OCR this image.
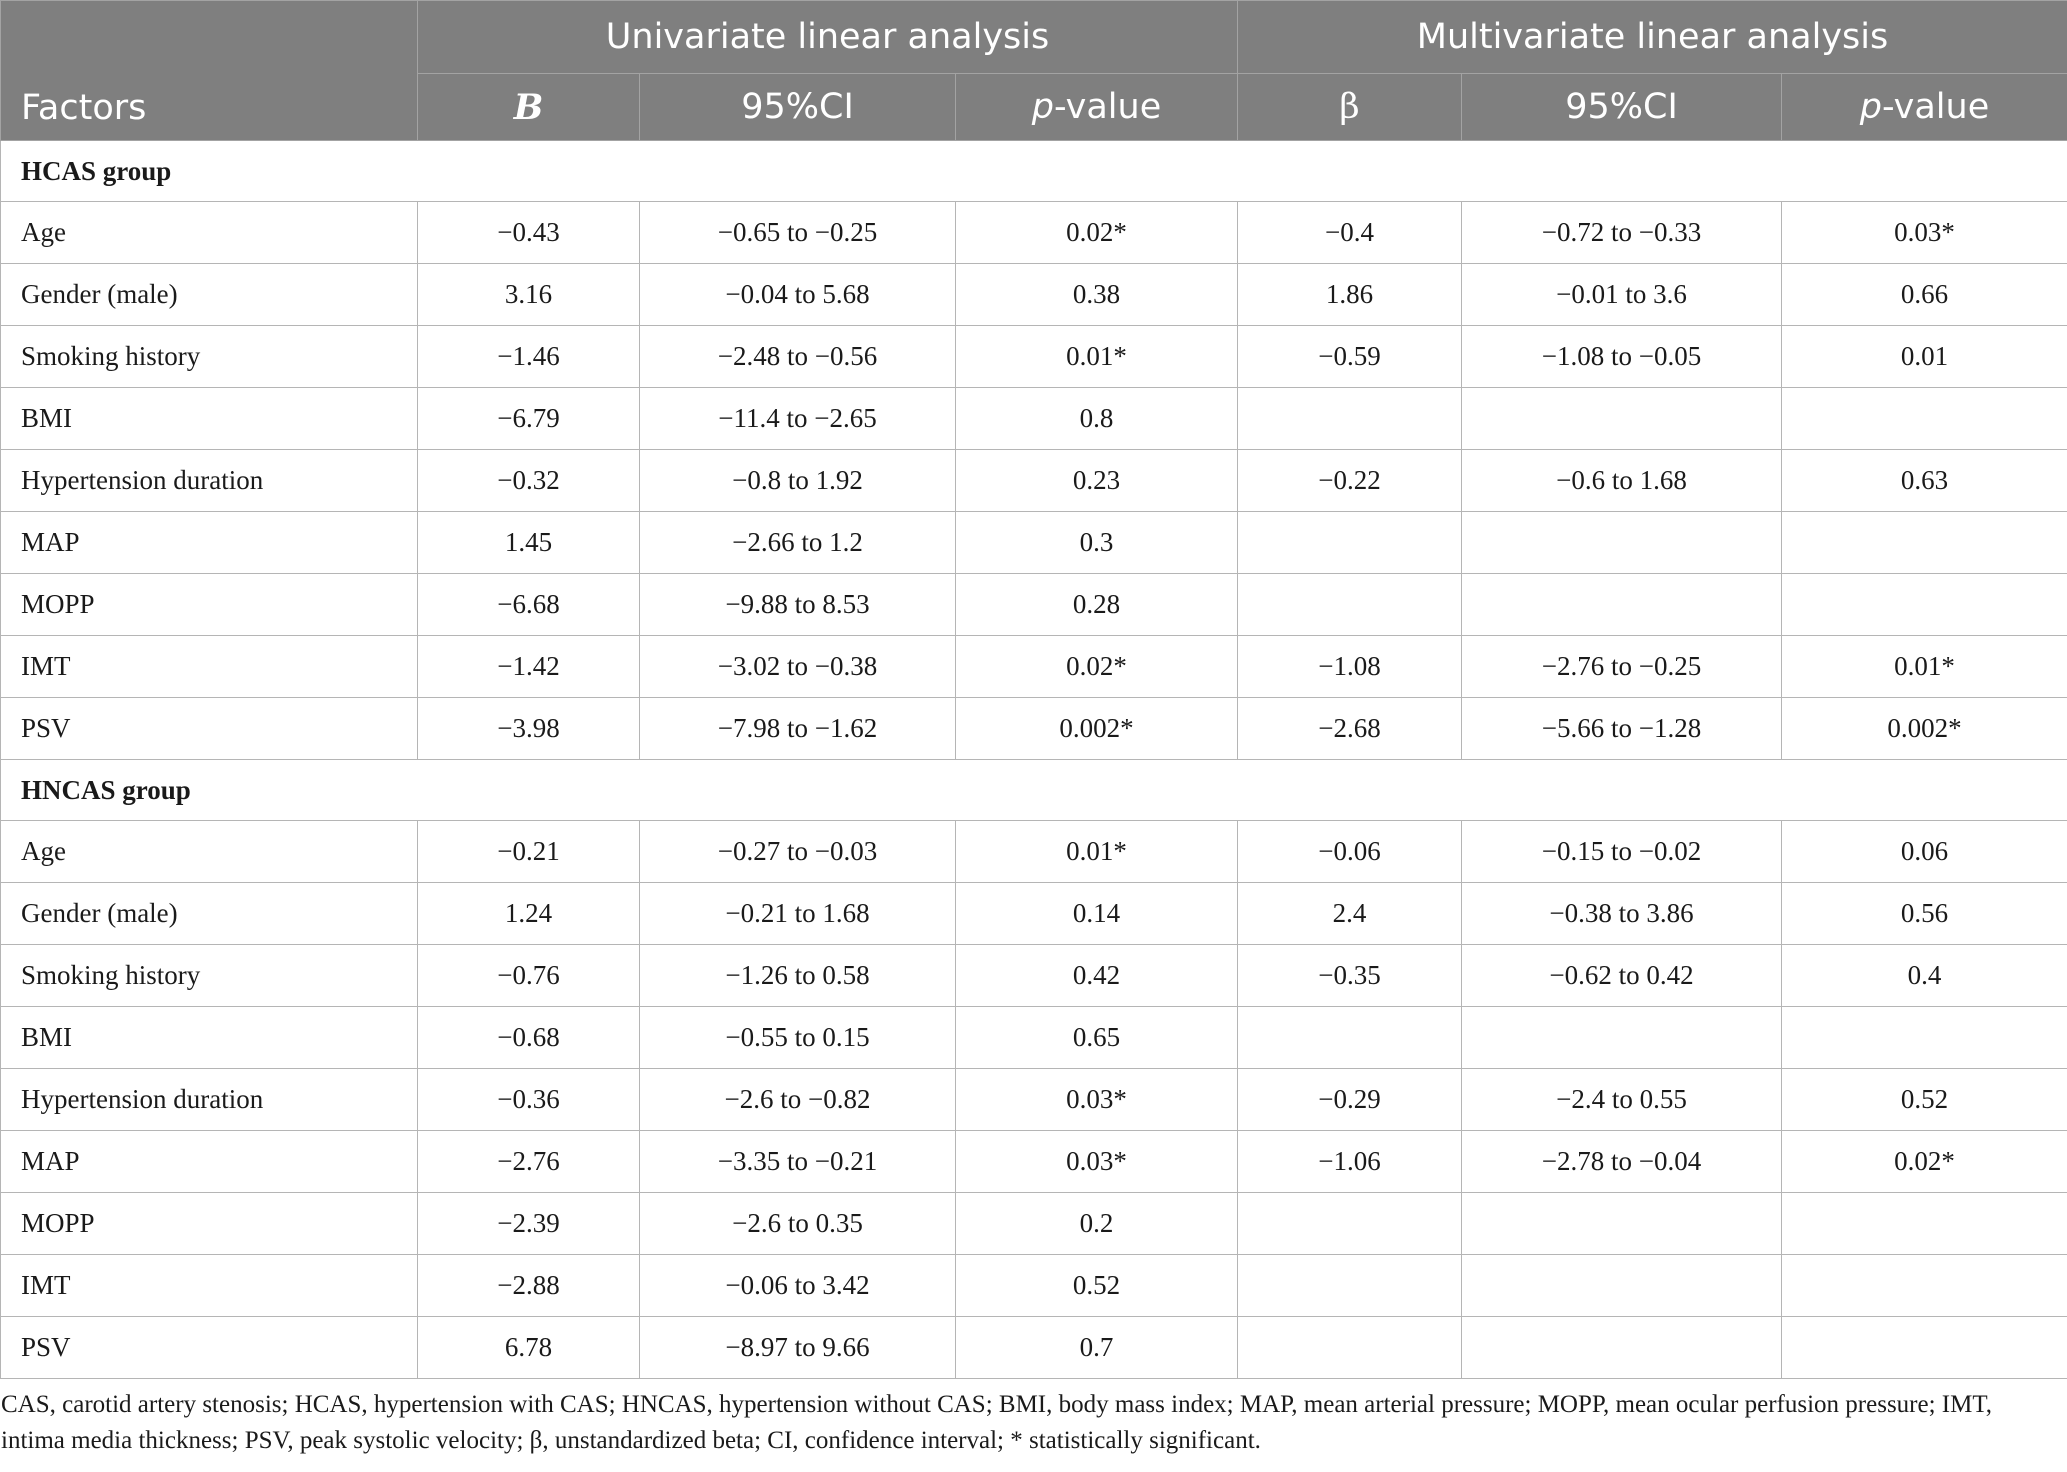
Factors	Univariate linear analysis			Multivariate linear analysis		
	B	95%CI	p-value	β	95%CI	p-value
HCAS group						
Age	−0.43	−0.65 to −0.25	0.02*	−0.4	−0.72 to −0.33	0.03*
Gender (male)	3.16	−0.04 to 5.68	0.38	1.86	−0.01 to 3.6	0.66
Smoking history	−1.46	−2.48 to −0.56	0.01*	−0.59	−1.08 to −0.05	0.01
BMI	−6.79	−11.4 to −2.65	0.8			
Hypertension duration	−0.32	−0.8 to 1.92	0.23	−0.22	−0.6 to 1.68	0.63
MAP	1.45	−2.66 to 1.2	0.3			
MOPP	−6.68	−9.88 to 8.53	0.28			
IMT	−1.42	−3.02 to −0.38	0.02*	−1.08	−2.76 to −0.25	0.01*
PSV	−3.98	−7.98 to −1.62	0.002*	−2.68	−5.66 to −1.28	0.002*
HNCAS group						
Age	−0.21	−0.27 to −0.03	0.01*	−0.06	−0.15 to −0.02	0.06
Gender (male)	1.24	−0.21 to 1.68	0.14	2.4	−0.38 to 3.86	0.56
Smoking history	−0.76	−1.26 to 0.58	0.42	−0.35	−0.62 to 0.42	0.4
BMI	−0.68	−0.55 to 0.15	0.65			
Hypertension duration	−0.36	−2.6 to −0.82	0.03*	−0.29	−2.4 to 0.55	0.52
MAP	−2.76	−3.35 to −0.21	0.03*	−1.06	−2.78 to −0.04	0.02*
MOPP	−2.39	−2.6 to 0.35	0.2			
IMT	−2.88	−0.06 to 3.42	0.52			
PSV	6.78	−8.97 to 9.66	0.7			

CAS, carotid artery stenosis; HCAS, hypertension with CAS; HNCAS, hypertension without CAS; BMI, body mass index; MAP, mean arterial pressure; MOPP, mean ocular perfusion pressure; IMT, intima media thickness; PSV, peak systolic velocity; β, unstandardized beta; CI, confidence interval; * statistically significant.
